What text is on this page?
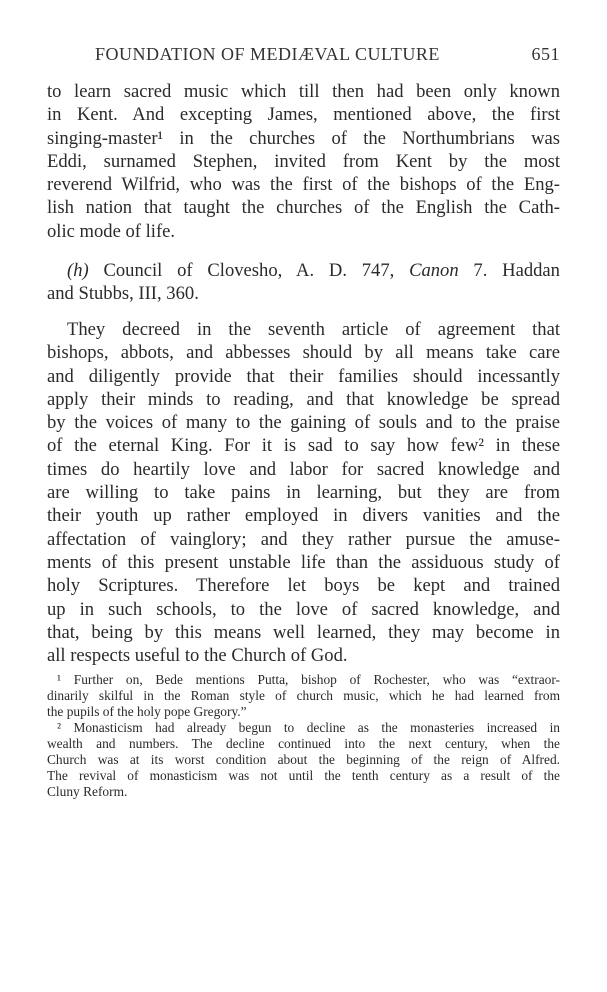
FOUNDATION OF MEDIÆVAL CULTURE	651
to learn sacred music which till then had been only known
in Kent. And excepting James, mentioned above, the first
singing-master¹ in the churches of the Northumbrians was
Eddi, surnamed Stephen, invited from Kent by the most
reverend Wilfrid, who was the first of the bishops of the Eng-
lish nation that taught the churches of the English the Cath-
olic mode of life.
(h) Council of Clovesho, A. D. 747, Canon 7. Haddan
and Stubbs, III, 360.
They decreed in the seventh article of agreement that
bishops, abbots, and abbesses should by all means take care
and diligently provide that their families should incessantly
apply their minds to reading, and that knowledge be spread
by the voices of many to the gaining of souls and to the praise
of the eternal King. For it is sad to say how few² in these
times do heartily love and labor for sacred knowledge and
are willing to take pains in learning, but they are from
their youth up rather employed in divers vanities and the
affectation of vainglory; and they rather pursue the amuse-
ments of this present unstable life than the assiduous study of
holy Scriptures. Therefore let boys be kept and trained
up in such schools, to the love of sacred knowledge, and
that, being by this means well learned, they may become in
all respects useful to the Church of God.
¹ Further on, Bede mentions Putta, bishop of Rochester, who was “extraor-
dinarily skilful in the Roman style of church music, which he had learned from
the pupils of the holy pope Gregory.”
² Monasticism had already begun to decline as the monasteries increased in
wealth and numbers. The decline continued into the next century, when the
Church was at its worst condition about the beginning of the reign of Alfred.
The revival of monasticism was not until the tenth century as a result of the
Cluny Reform.
